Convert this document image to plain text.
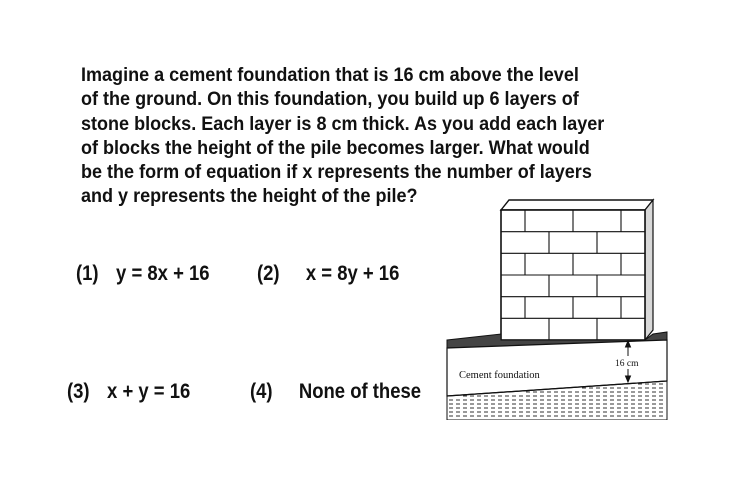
Imagine a cement foundation that is 16 cm above the level
of the ground. On this foundation, you build up 6 layers of
stone blocks. Each layer is 8 cm thick. As you add each layer
of blocks the height of the pile becomes larger. What would
be the form of equation if x represents the number of layers
and y represents the height of the pile?
(1) y = 8x + 16 (2) x = 8y + 16
(3) x + y = 16	(4) None of these
16 cm
Cement foundation
